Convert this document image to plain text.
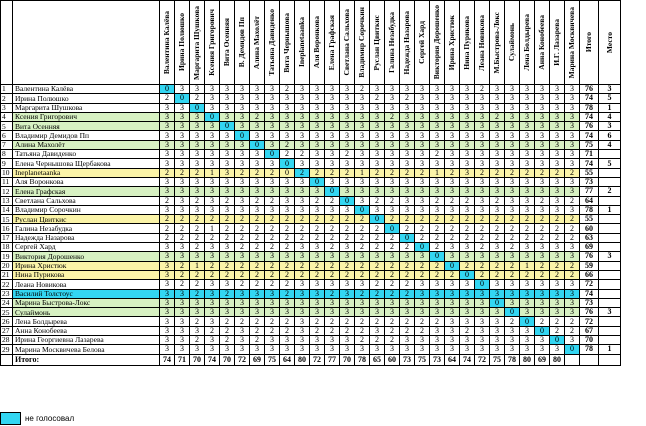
		Валентина Калёва	Ирина Полюшко	Маргарита Шушкова	Ксения Григорович	Вита Осенняя	В. Демидов Пп	Алина Махолёт	Татьяна Давиденко	Вита Чернышова	Ineplanetaanka	Аля Воронкова	Елена Графская	Светлана Сальхова	Владимир Сорочкин	Руслан Цвиткис	Галина Незабудка	Надежда Назарова	Сергей Хард	Виктория Дорошенко	Ирина Христюк	Нина Пурикова	Леана Новикова	М.Быстрова-Локс	Сулаймонь	Лена Болдырева	Анна Конобеева	И.Г. Лазарева	Марина Москвичева	Итого	Место

1	Валентина Калёва	0	3	3	3	3	3	3	3	2	3	3	3	3	2	3	3	3	3	3	3	3	2	3	3	3	3	3	3	76	3
2	Ирина Полюшко	2	0	2	3	3	3	3	3	3	3	3	3	3	3	2	3	2	3	3	3	3	3	3	3	3	3	3	3	74	5
3	Маргарита Шушкова	3	3	0	3	3	3	3	3	3	3	3	3	3	3	3	3	3	3	3	3	3	3	3	3	3	3	3	3	78	1
4	Ксения Григорович	3	3	3	0	3	3	2	3	3	3	3	3	3	3	3	2	3	3	3	3	3	3	2	3	3	3	3	3	74	4
5	Вита Осенняя	3	3	3	3	0	3	3	3	3	3	3	3	3	3	3	3	3	3	3	3	3	3	3	3	3	3	3	3	76	3
6	Владимир Демидов Пп	3	3	3	3	3	0	3	3	3	3	3	3	3	3	3	3	3	3	3	3	3	3	3	3	3	3	3	3	74	6
7	Алина Махолёт	3	3	3	3	3	3	0	3	2	3	3	3	3	3	3	3	3	3	3	3	3	3	3	3	3	3	3	3	75	4
8	Татьяна Давиденко	3	3	3	3	3	3	3	0	2	2	3	3	2	3	3	3	3	3	2	3	3	3	3	3	3	3	3	3	71	
9	Елена Чернышова Щербакова	3	3	3	3	3	3	3	3	0	3	3	3	3	3	3	3	3	3	3	3	3	3	3	3	3	3	3	3	74	5
10	Ineplanetaanka	2	2	2	1	3	2	2	2	0	2	2	2	2	1	2	2	2	2	1	2	3	2	2	2	2	2	2	2	55	
11	Аля Воронкова	3	3	3	3	3	3	3	3	3	3	0	3	3	3	3	3	3	3	3	3	3	3	3	3	3	3	3	3	73	
12	Елена Графская	3	3	3	3	3	3	3	3	3	3	3	0	3	3	3	3	3	3	3	3	3	3	3	3	3	3	3	3	77	2
13	Светлана Сальхова	2	3	2	3	2	3	2	2	3	3	2	2	0	3	2	2	3	3	2	2	2	3	2	3	3	2	3	2	64	
14	Владимир Сорочкин	3	3	3	3	3	3	3	3	3	3	3	3	3	0	3	3	3	3	3	3	3	3	3	3	3	3	3	3	78	1
15	Руслан Цвиткис	2	2	2	2	2	2	2	2	2	2	2	2	2	2	0	2	2	2	2	2	2	2	2	2	2	2	2	2	55	
16	Галина Незабудка	2	2	2	1	2	2	2	2	2	2	2	2	2	2	2	0	2	2	2	2	2	2	2	2	2	2	2	2	60	
17	Надежда Назарова	2	2	2	2	2	2	2	2	2	2	2	2	2	2	2	2	0	2	2	2	2	2	2	2	2	2	2	2	63	
18	Сергей Хард	3	3	2	3	3	2	2	2	2	3	3	2	3	2	2	2	2	0	2	3	3	2	3	2	3	3	3	3	69	
19	Виктория Дорошенко	3	3	3	3	3	3	3	3	3	3	3	3	3	3	3	3	3	3	0	3	3	3	3	3	3	3	3	3	76	3
20	Ирина Христюк	3	2	1	2	2	2	2	2	2	2	2	2	2	2	2	2	2	2	2	0	2	2	2	2	1	2	2	2	59	
21	Нина Пурикова	3	2	2	2	2	2	2	2	2	2	2	2	2	2	2	2	2	2	2	2	0	2	2	2	2	2	2	2	66	
22	Леана Новикова	3	2	2	3	3	2	2	2	2	3	3	3	3	3	2	2	2	3	3	3	3	0	3	3	3	3	3	3	72	
23	Василий Толстоус	3	3	2	3	2	3	3	3	2	3	3	2	3	2	2	2	2	3	3	3	3	3	3	3	3	3	3	3	74	
24	Марина Быстрова-Локс	3	3	3	3	3	3	3	3	3	3	3	3	3	3	3	3	3	3	3	3	3	3	0	3	3	3	3	3	73	
25	Сулаймонь	3	3	3	3	3	3	3	3	3	3	3	3	3	3	3	3	3	3	3	3	3	3	3	0	3	3	3	3	76	3
26	Лена Болдырева	3	3	2	3	2	2	2	2	2	3	2	2	2	2	2	2	2	2	2	3	3	3	3	2	0	2	2	2	72	
27	Анна Конобеева	3	3	3	2	2	3	2	2	2	3	2	2	2	2	3	2	2	2	3	3	2	3	3	3	3	0	2	2	67	
28	Ирина Георгиевна Лазарева	3	3	2	3	2	3	2	3	3	3	3	3	3	2	2	2	3	3	3	3	3	3	3	3	3	3	0	3	70	
29	Марина Москвичева Белова	3	3	3	3	3	3	3	3	3	3	3	3	3	3	3	3	3	3	3	3	3	3	3	3	3	3	3	0	78	1
	Итого:	74	71	70	74	70	72	69	75	64	80	72	77	70	78	65	60	73	75	73	64	74	72	75	78	80	69	80			
не голосовал
